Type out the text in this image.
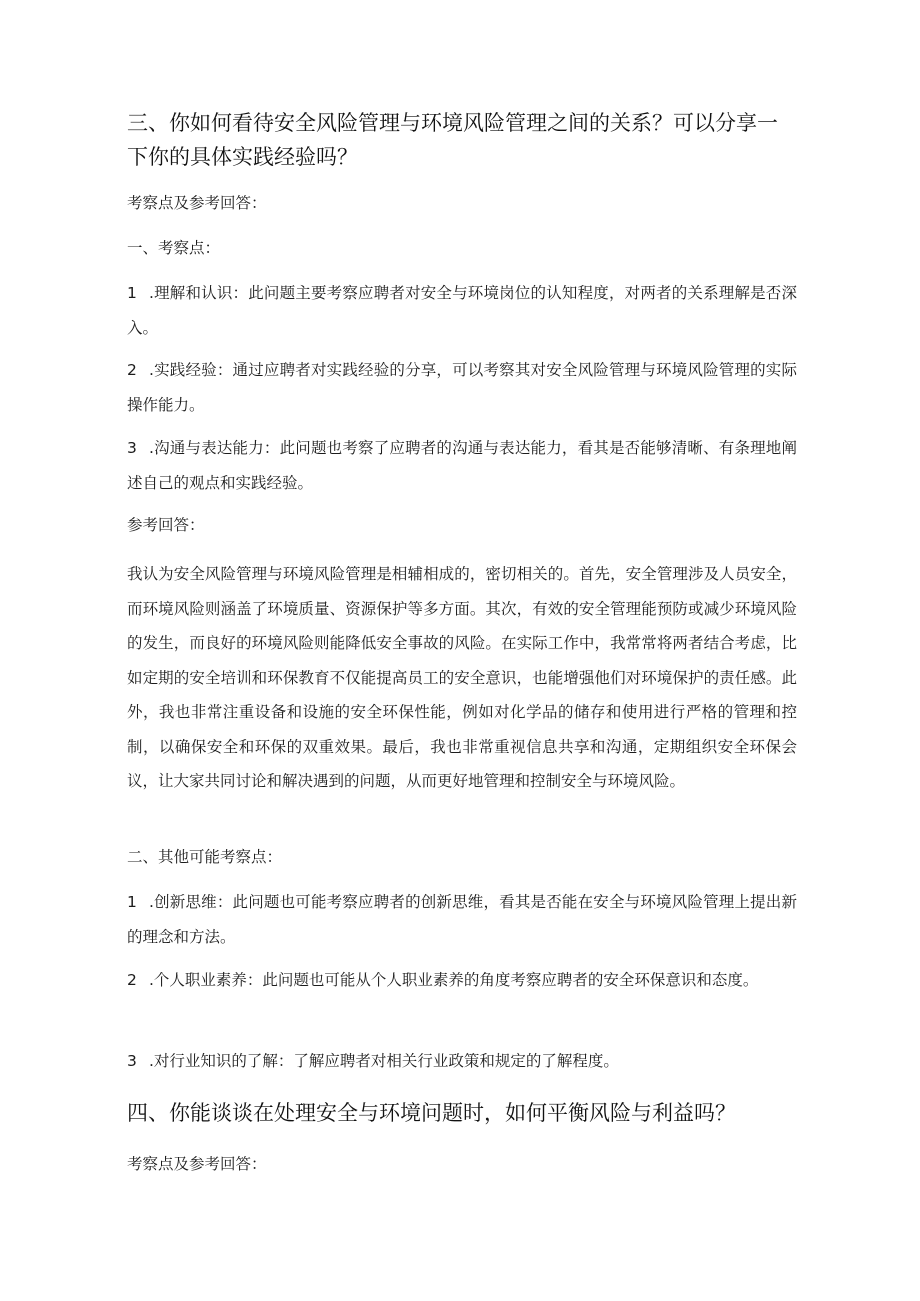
三、你如何看待安全风险管理与环境风险管理之间的关系？可以分享一下你的具体实践经验吗？

考察点及参考回答：

一、考察点：

1 .理解和认识：此问题主要考察应聘者对安全与环境岗位的认知程度，对两者的关系理解是否深入。

2 .实践经验：通过应聘者对实践经验的分享，可以考察其对安全风险管理与环境风险管理的实际操作能力。

3 .沟通与表达能力：此问题也考察了应聘者的沟通与表达能力，看其是否能够清晰、有条理地阐述自己的观点和实践经验。

参考回答：

我认为安全风险管理与环境风险管理是相辅相成的，密切相关的。首先，安全管理涉及人员安全，而环境风险则涵盖了环境质量、资源保护等多方面。其次，有效的安全管理能预防或减少环境风险的发生，而良好的环境风险则能降低安全事故的风险。在实际工作中，我常常将两者结合考虑，比如定期的安全培训和环保教育不仅能提高员工的安全意识，也能增强他们对环境保护的责任感。此外，我也非常注重设备和设施的安全环保性能，例如对化学品的储存和使用进行严格的管理和控制，以确保安全和环保的双重效果。最后，我也非常重视信息共享和沟通，定期组织安全环保会议，让大家共同讨论和解决遇到的问题，从而更好地管理和控制安全与环境风险。

二、其他可能考察点：

1 .创新思维：此问题也可能考察应聘者的创新思维，看其是否能在安全与环境风险管理上提出新的理念和方法。

2 .个人职业素养：此问题也可能从个人职业素养的角度考察应聘者的安全环保意识和态度。

3 .对行业知识的了解：了解应聘者对相关行业政策和规定的了解程度。

四、你能谈谈在处理安全与环境问题时，如何平衡风险与利益吗？

考察点及参考回答：
